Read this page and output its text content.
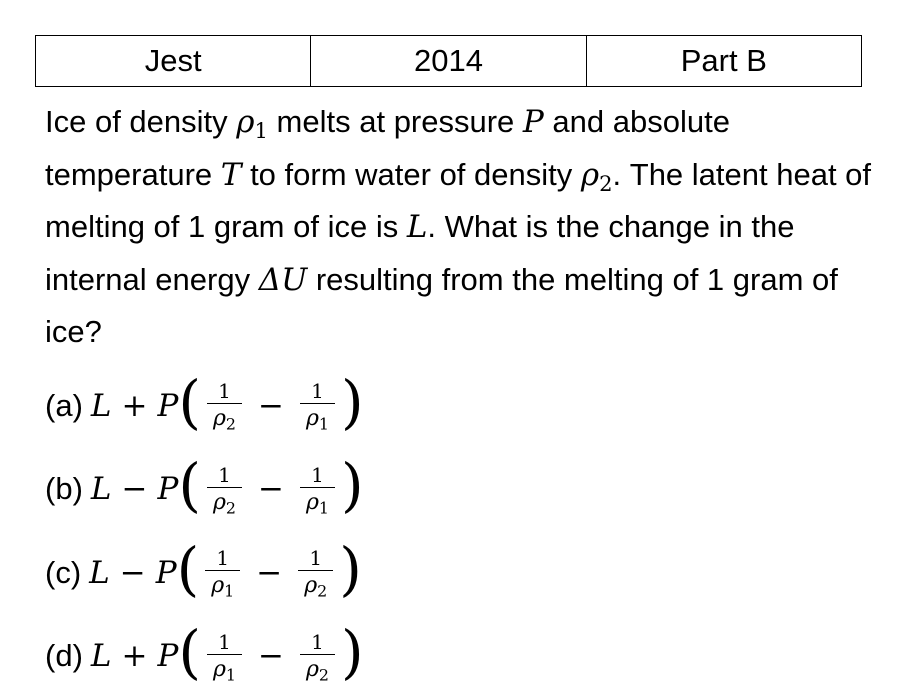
Jest	2014	Part B
Ice of density $\rho_1$ melts at pressure P and absolute temperature T to form water of density $\rho_2$. The latent heat of melting of 1 gram of ice is L. What is the change in the internal energy ΔU resulting from the melting of 1 gram of ice?
(a) L + P ( $\frac{1}{\rho_2} - \frac{1}{\rho_1}$ )
(b) L − P ( $\frac{1}{\rho_2} - \frac{1}{\rho_1}$ )
(c) L − P ( $\frac{1}{\rho_1} - \frac{1}{\rho_2}$ )
(d) L + P ( $\frac{1}{\rho_1} - \frac{1}{\rho_2}$ )
